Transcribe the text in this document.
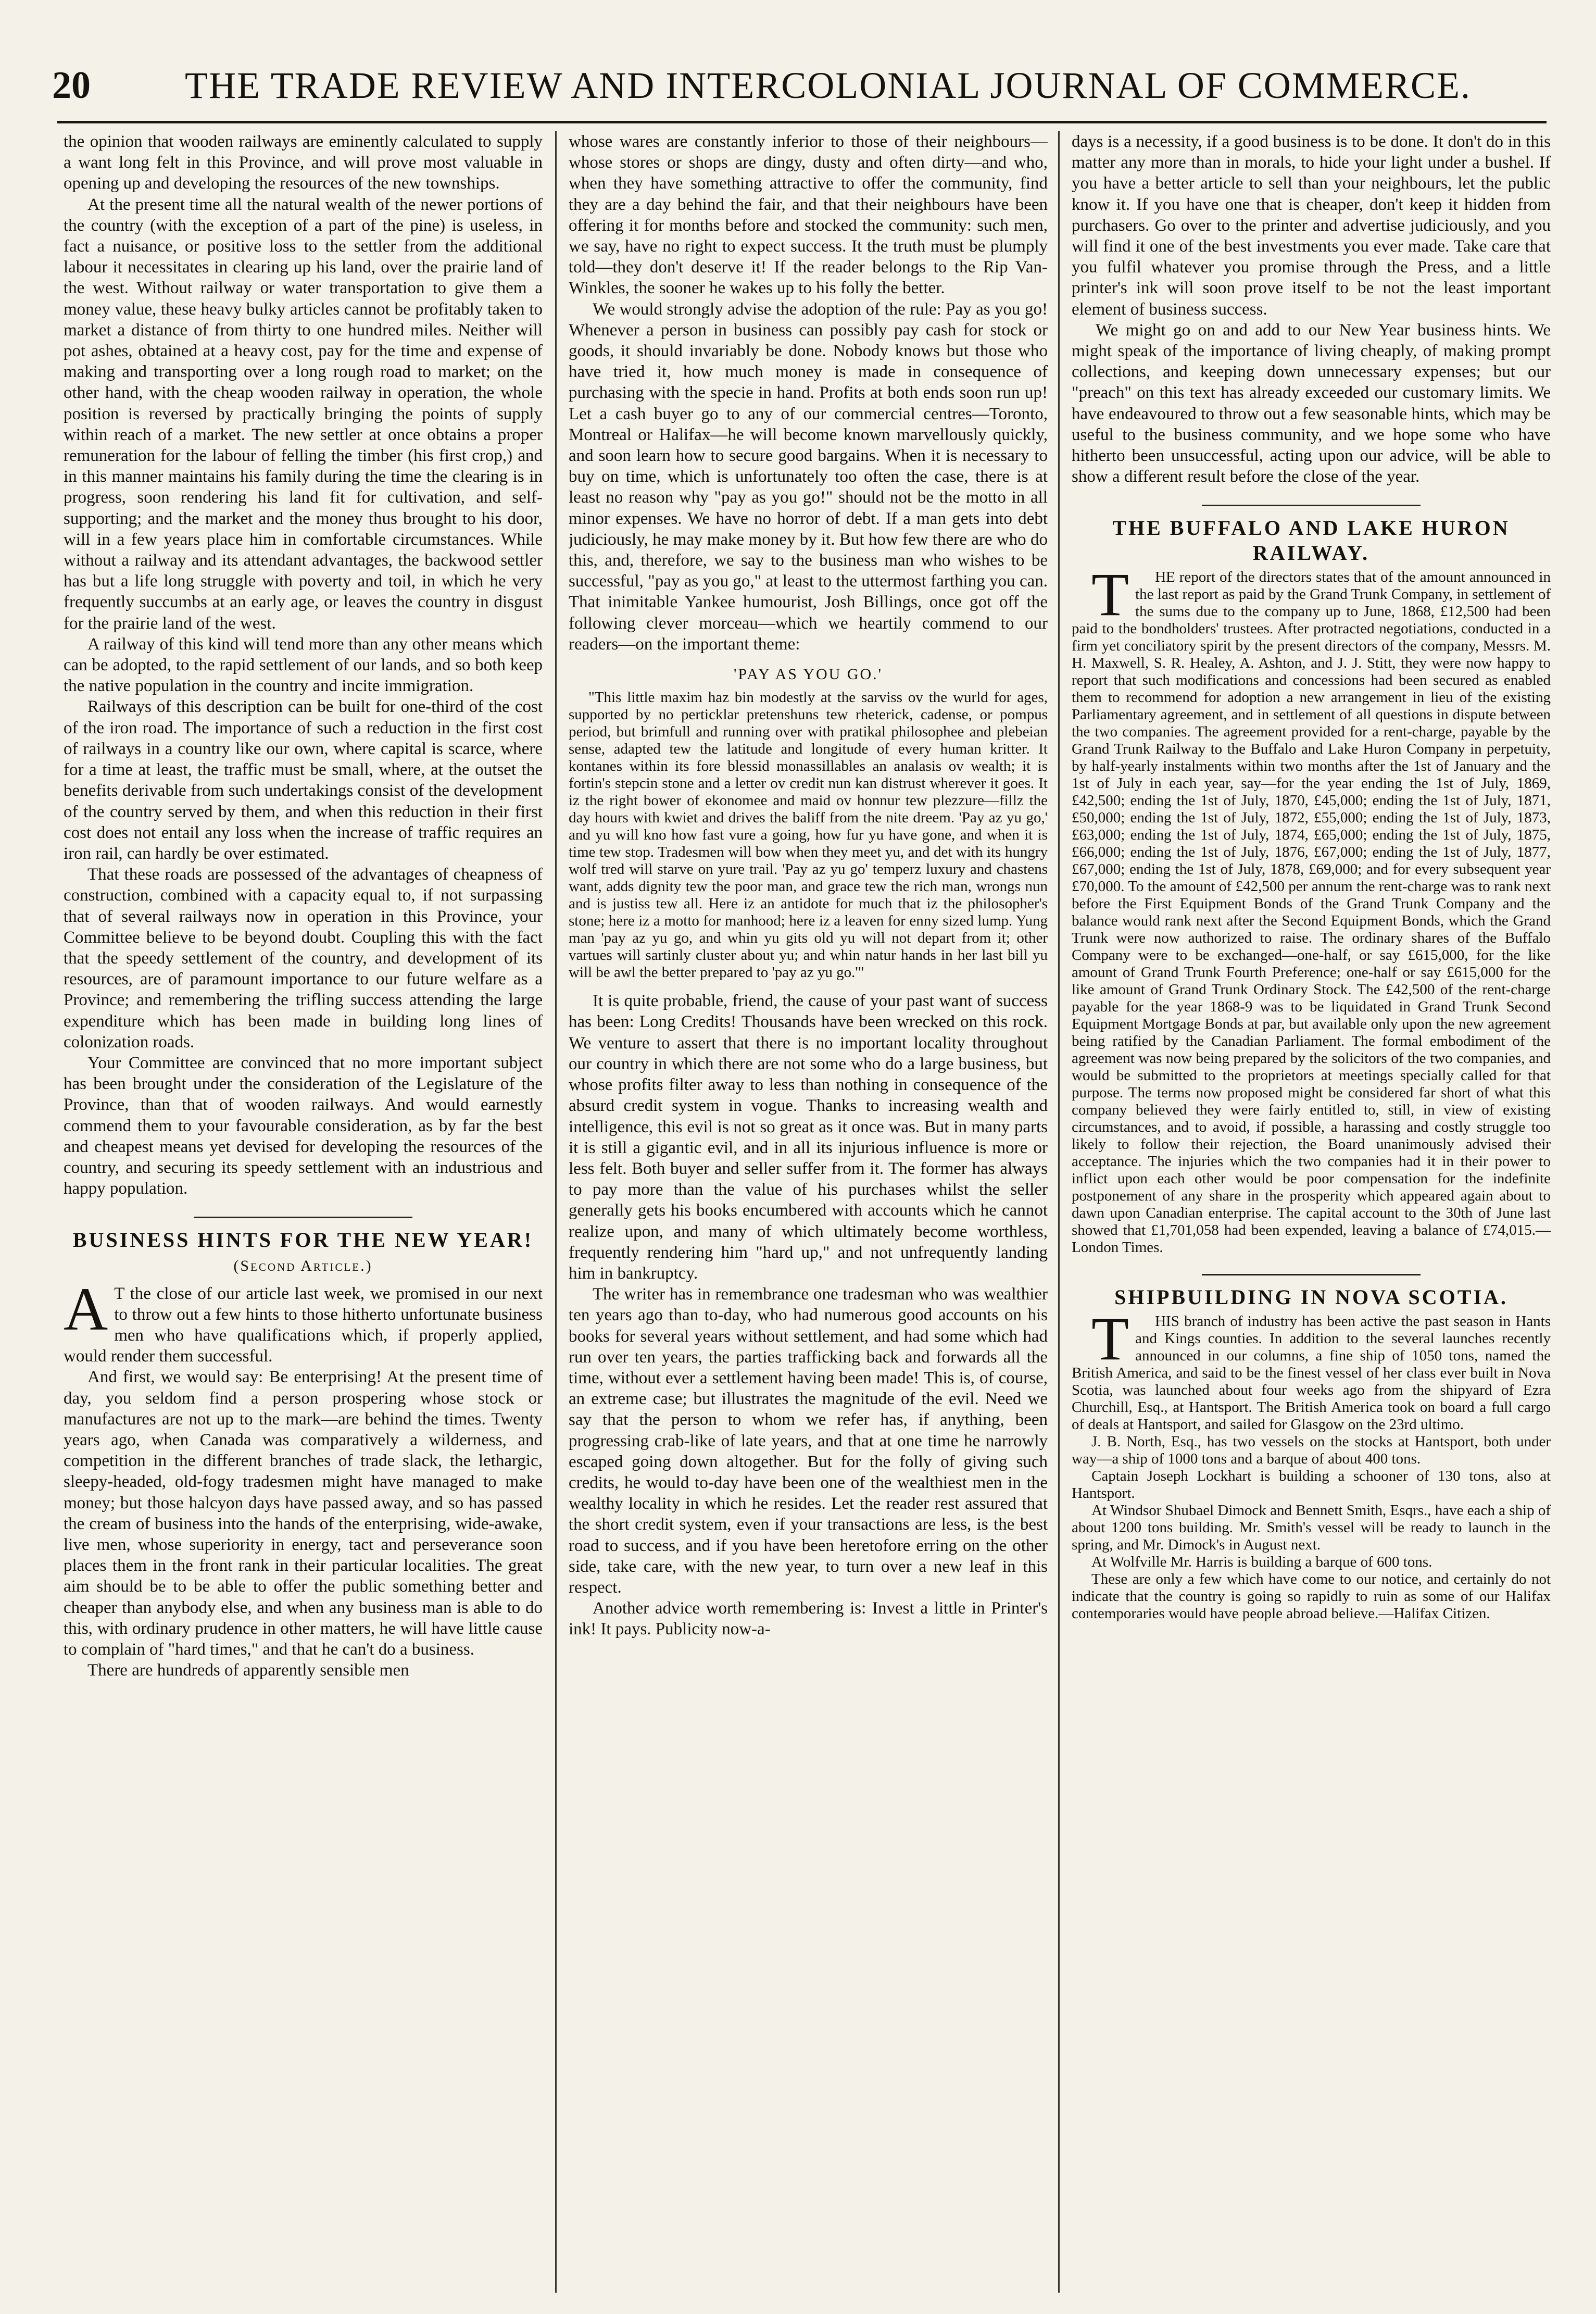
20	THE TRADE REVIEW AND INTERCOLONIAL JOURNAL OF COMMERCE.

the opinion that wooden railways are eminently calculated to supply a want long felt in this Province, and will prove most valuable in opening up and developing the resources of the new townships.

At the present time all the natural wealth of the newer portions of the country (with the exception of a part of the pine) is useless, in fact a nuisance, or positive loss to the settler from the additional labour it necessitates in clearing up his land, over the prairie land of the west. Without railway or water transportation to give them a money value, these heavy bulky articles cannot be profitably taken to market a distance of from thirty to one hundred miles. Neither will pot ashes, obtained at a heavy cost, pay for the time and expense of making and transporting over a long rough road to market; on the other hand, with the cheap wooden railway in operation, the whole position is reversed by practically bringing the points of supply within reach of a market. The new settler at once obtains a proper remuneration for the labour of felling the timber (his first crop,) and in this manner maintains his family during the time the clearing is in progress, soon rendering his land fit for cultivation, and self-supporting; and the market and the money thus brought to his door, will in a few years place him in comfortable circumstances. While without a railway and its attendant advantages, the backwood settler has but a life long struggle with poverty and toil, in which he very frequently succumbs at an early age, or leaves the country in disgust for the prairie land of the west.

A railway of this kind will tend more than any other means which can be adopted, to the rapid settlement of our lands, and so both keep the native population in the country and incite immigration.

Railways of this description can be built for one-third of the cost of the iron road. The importance of such a reduction in the first cost of railways in a country like our own, where capital is scarce, where for a time at least, the traffic must be small, where, at the outset the benefits derivable from such undertakings consist of the development of the country served by them, and when this reduction in their first cost does not entail any loss when the increase of traffic requires an iron rail, can hardly be over estimated.

That these roads are possessed of the advantages of cheapness of construction, combined with a capacity equal to, if not surpassing that of several railways now in operation in this Province, your Committee believe to be beyond doubt. Coupling this with the fact that the speedy settlement of the country, and development of its resources, are of paramount importance to our future welfare as a Province; and remembering the trifling success attending the large expenditure which has been made in building long lines of colonization roads.

Your Committee are convinced that no more important subject has been brought under the consideration of the Legislature of the Province, than that of wooden railways. And would earnestly commend them to your favourable consideration, as by far the best and cheapest means yet devised for developing the resources of the country, and securing its speedy settlement with an industrious and happy population.

BUSINESS HINTS FOR THE NEW YEAR!
(Second Article.)

A T the close of our article last week, we promised in our next to throw out a few hints to those hitherto unfortunate business men who have qualifications which, if properly applied, would render them successful.

And first, we would say: Be enterprising! At the present time of day, you seldom find a person prospering whose stock or manufactures are not up to the mark—are behind the times. Twenty years ago, when Canada was comparatively a wilderness, and competition in the different branches of trade slack, the lethargic, sleepy-headed, old-fogy tradesmen might have managed to make money; but those halcyon days have passed away, and so has passed the cream of business into the hands of the enterprising, wide-awake, live men, whose superiority in energy, tact and perseverance soon places them in the front rank in their particular localities. The great aim should be to be able to offer the public something better and cheaper than anybody else, and when any business man is able to do this, with ordinary prudence in other matters, he will have little cause to complain of "hard times," and that he can't do a business.

There are hundreds of apparently sensible men

whose wares are constantly inferior to those of their neighbours—whose stores or shops are dingy, dusty and often dirty—and who, when they have something attractive to offer the community, find they are a day behind the fair, and that their neighbours have been offering it for months before and stocked the community: such men, we say, have no right to expect success. It the truth must be plumply told—they don't deserve it! If the reader belongs to the Rip Van-Winkles, the sooner he wakes up to his folly the better.

We would strongly advise the adoption of the rule: Pay as you go! Whenever a person in business can possibly pay cash for stock or goods, it should invariably be done. Nobody knows but those who have tried it, how much money is made in consequence of purchasing with the specie in hand. Profits at both ends soon run up! Let a cash buyer go to any of our commercial centres—Toronto, Montreal or Halifax—he will become known marvellously quickly, and soon learn how to secure good bargains. When it is necessary to buy on time, which is unfortunately too often the case, there is at least no reason why "pay as you go!" should not be the motto in all minor expenses. We have no horror of debt. If a man gets into debt judiciously, he may make money by it. But how few there are who do this, and, therefore, we say to the business man who wishes to be successful, "pay as you go," at least to the uttermost farthing you can. That inimitable Yankee humourist, Josh Billings, once got off the following clever morceau—which we heartily commend to our readers—on the important theme:

'PAY AS YOU GO.'

"This little maxim haz bin modestly at the sarviss ov the wurld for ages, supported by no perticklar pretenshuns tew rheterick, cadense, or pompus period, but brimfull and running over with pratikal philosophee and plebeian sense, adapted tew the latitude and longitude of every human kritter. It kontanes within its fore blessid monassillables an analasis ov wealth; it is fortin's stepcin stone and a letter ov credit nun kan distrust wherever it goes. It iz the right bower of ekonomee and maid ov honnur tew plezzure—fillz the day hours with kwiet and drives the baliff from the nite dreem. 'Pay az yu go,' and yu will kno how fast vure a going, how fur yu have gone, and when it is time tew stop. Tradesmen will bow when they meet yu, and det with its hungry wolf tred will starve on yure trail. 'Pay az yu go' temperz luxury and chastens want, adds dignity tew the poor man, and grace tew the rich man, wrongs nun and is justiss tew all. Here iz an antidote for much that iz the philosopher's stone; here iz a motto for manhood; here iz a leaven for enny sized lump. Yung man 'pay az yu go, and whin yu gits old yu will not depart from it; other vartues will sartinly cluster about yu; and whin natur hands in her last bill yu will be awl the better prepared to 'pay az yu go.'"

It is quite probable, friend, the cause of your past want of success has been: Long Credits! Thousands have been wrecked on this rock. We venture to assert that there is no important locality throughout our country in which there are not some who do a large business, but whose profits filter away to less than nothing in consequence of the absurd credit system in vogue. Thanks to increasing wealth and intelligence, this evil is not so great as it once was. But in many parts it is still a gigantic evil, and in all its injurious influence is more or less felt. Both buyer and seller suffer from it. The former has always to pay more than the value of his purchases whilst the seller generally gets his books encumbered with accounts which he cannot realize upon, and many of which ultimately become worthless, frequently rendering him "hard up," and not unfrequently landing him in bankruptcy.

The writer has in remembrance one tradesman who was wealthier ten years ago than to-day, who had numerous good accounts on his books for several years without settlement, and had some which had run over ten years, the parties trafficking back and forwards all the time, without ever a settlement having been made! This is, of course, an extreme case; but illustrates the magnitude of the evil. Need we say that the person to whom we refer has, if anything, been progressing crab-like of late years, and that at one time he narrowly escaped going down altogether. But for the folly of giving such credits, he would to-day have been one of the wealthiest men in the wealthy locality in which he resides. Let the reader rest assured that the short credit system, even if your transactions are less, is the best road to success, and if you have been heretofore erring on the other side, take care, with the new year, to turn over a new leaf in this respect.

Another advice worth remembering is: Invest a little in Printer's ink! It pays. Publicity now-a-

days is a necessity, if a good business is to be done. It don't do in this matter any more than in morals, to hide your light under a bushel. If you have a better article to sell than your neighbours, let the public know it. If you have one that is cheaper, don't keep it hidden from purchasers. Go over to the printer and advertise judiciously, and you will find it one of the best investments you ever made. Take care that you fulfil whatever you promise through the Press, and a little printer's ink will soon prove itself to be not the least important element of business success.

We might go on and add to our New Year business hints. We might speak of the importance of living cheaply, of making prompt collections, and keeping down unnecessary expenses; but our "preach" on this text has already exceeded our customary limits. We have endeavoured to throw out a few seasonable hints, which may be useful to the business community, and we hope some who have hitherto been unsuccessful, acting upon our advice, will be able to show a different result before the close of the year.

THE BUFFALO AND LAKE HURON RAILWAY.

T HE report of the directors states that of the amount announced in the last report as paid by the Grand Trunk Company, in settlement of the sums due to the company up to June, 1868, £12,500 had been paid to the bondholders' trustees. After protracted negotiations, conducted in a firm yet conciliatory spirit by the present directors of the company, Messrs. M. H. Maxwell, S. R. Healey, A. Ashton, and J. J. Stitt, they were now happy to report that such modifications and concessions had been secured as enabled them to recommend for adoption a new arrangement in lieu of the existing Parliamentary agreement, and in settlement of all questions in dispute between the two companies. The agreement provided for a rent-charge, payable by the Grand Trunk Railway to the Buffalo and Lake Huron Company in perpetuity, by half-yearly instalments within two months after the 1st of January and the 1st of July in each year, say—for the year ending the 1st of July, 1869, £42,500; ending the 1st of July, 1870, £45,000; ending the 1st of July, 1871, £50,000; ending the 1st of July, 1872, £55,000; ending the 1st of July, 1873, £63,000; ending the 1st of July, 1874, £65,000; ending the 1st of July, 1875, £66,000; ending the 1st of July, 1876, £67,000; ending the 1st of July, 1877, £67,000; ending the 1st of July, 1878, £69,000; and for every subsequent year £70,000. To the amount of £42,500 per annum the rent-charge was to rank next before the First Equipment Bonds of the Grand Trunk Company and the balance would rank next after the Second Equipment Bonds, which the Grand Trunk were now authorized to raise. The ordinary shares of the Buffalo Company were to be exchanged—one-half, or say £615,000, for the like amount of Grand Trunk Fourth Preference; one-half or say £615,000 for the like amount of Grand Trunk Ordinary Stock. The £42,500 of the rent-charge payable for the year 1868-9 was to be liquidated in Grand Trunk Second Equipment Mortgage Bonds at par, but available only upon the new agreement being ratified by the Canadian Parliament. The formal embodiment of the agreement was now being prepared by the solicitors of the two companies, and would be submitted to the proprietors at meetings specially called for that purpose. The terms now proposed might be considered far short of what this company believed they were fairly entitled to, still, in view of existing circumstances, and to avoid, if possible, a harassing and costly struggle too likely to follow their rejection, the Board unanimously advised their acceptance. The injuries which the two companies had it in their power to inflict upon each other would be poor compensation for the indefinite postponement of any share in the prosperity which appeared again about to dawn upon Canadian enterprise. The capital account to the 30th of June last showed that £1,701,058 had been expended, leaving a balance of £74,015.—London Times.

SHIPBUILDING IN NOVA SCOTIA.

T HIS branch of industry has been active the past season in Hants and Kings counties. In addition to the several launches recently announced in our columns, a fine ship of 1050 tons, named the British America, and said to be the finest vessel of her class ever built in Nova Scotia, was launched about four weeks ago from the shipyard of Ezra Churchill, Esq., at Hantsport. The British America took on board a full cargo of deals at Hantsport, and sailed for Glasgow on the 23rd ultimo.

J. B. North, Esq., has two vessels on the stocks at Hantsport, both under way—a ship of 1000 tons and a barque of about 400 tons.

Captain Joseph Lockhart is building a schooner of 130 tons, also at Hantsport.

At Windsor Shubael Dimock and Bennett Smith, Esqrs., have each a ship of about 1200 tons building. Mr. Smith's vessel will be ready to launch in the spring, and Mr. Dimock's in August next.

At Wolfville Mr. Harris is building a barque of 600 tons.

These are only a few which have come to our notice, and certainly do not indicate that the country is going so rapidly to ruin as some of our Halifax contemporaries would have people abroad believe.—Halifax Citizen.
